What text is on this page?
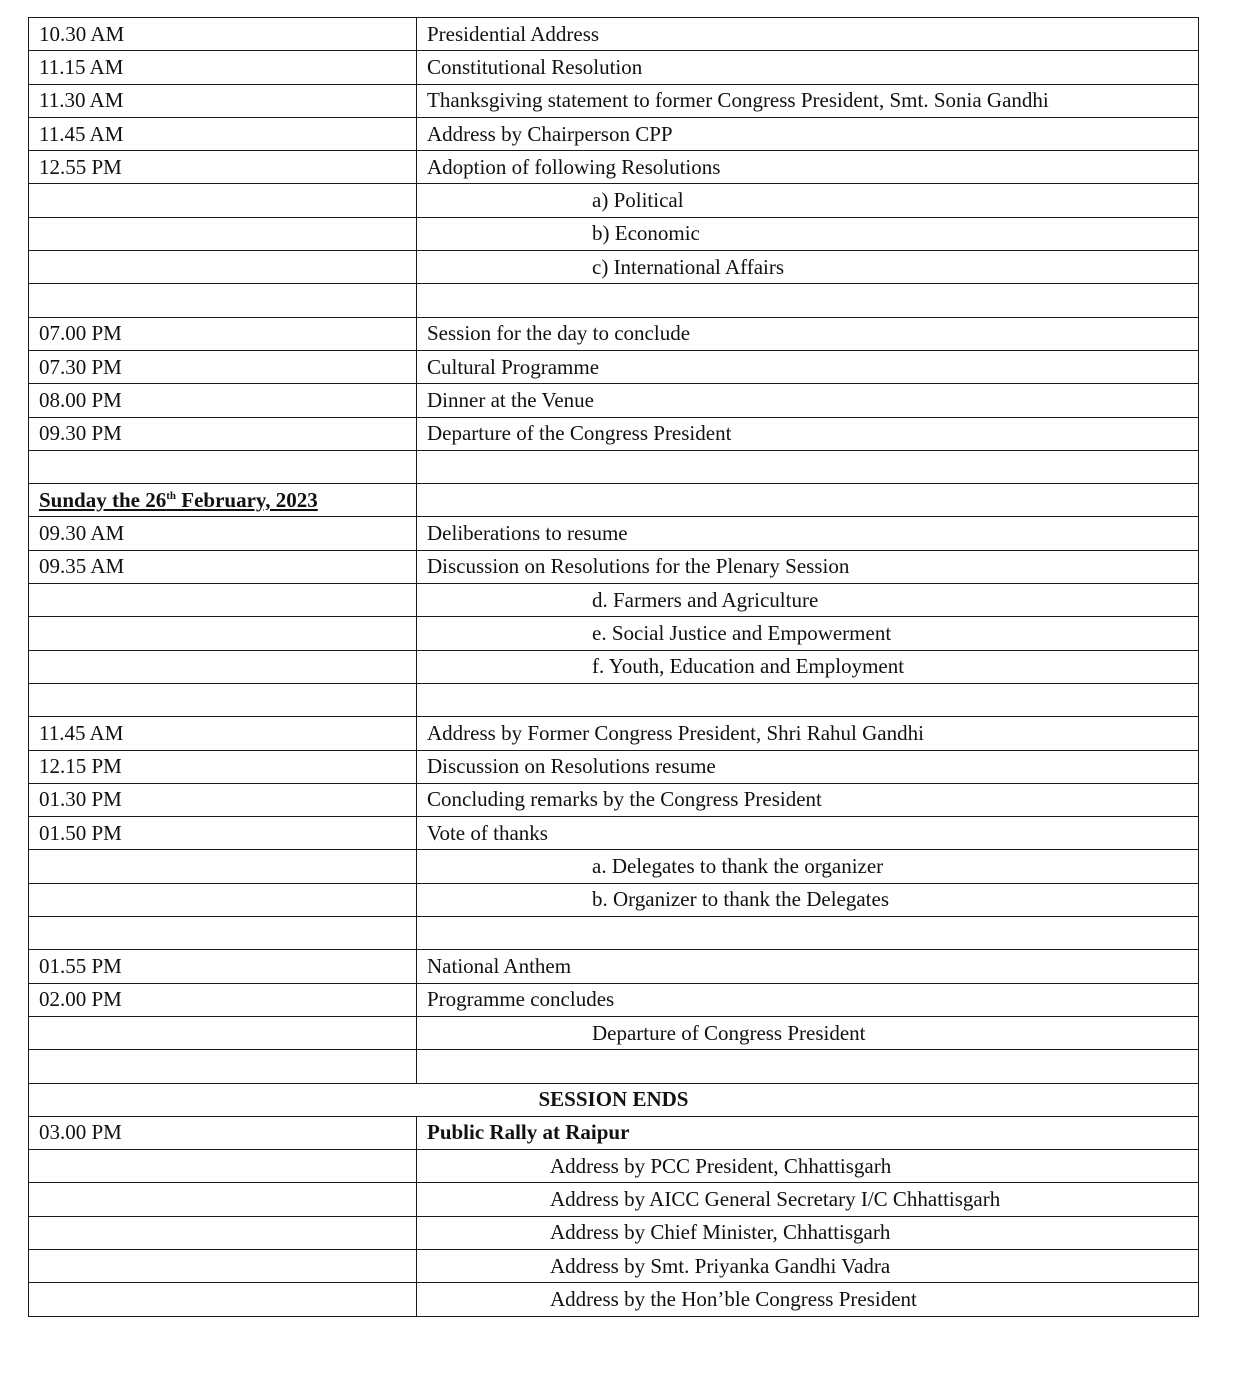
10.30 AM	Presidential Address
11.15 AM	Constitutional Resolution
11.30 AM	Thanksgiving statement to former Congress President, Smt. Sonia Gandhi
11.45 AM	Address by Chairperson CPP
12.55 PM	Adoption of following Resolutions
	a) Political
	b) Economic
	c) International Affairs

07.00 PM	Session for the day to conclude
07.30 PM	Cultural Programme
08.00 PM	Dinner at the Venue
09.30 PM	Departure of the Congress President

Sunday the 26th February, 2023	
09.30 AM	Deliberations to resume
09.35 AM	Discussion on Resolutions for the Plenary Session
	d. Farmers and Agriculture
	e. Social Justice and Empowerment
	f. Youth, Education and Employment

11.45 AM	Address by Former Congress President, Shri Rahul Gandhi
12.15 PM	Discussion on Resolutions resume
01.30 PM	Concluding remarks by the Congress President
01.50 PM	Vote of thanks
	a. Delegates to thank the organizer
	b. Organizer to thank the Delegates

01.55 PM	National Anthem
02.00 PM	Programme concludes
	Departure of Congress President

SESSION ENDS	
03.00 PM	Public Rally at Raipur
	Address by PCC President, Chhattisgarh
	Address by AICC General Secretary I/C Chhattisgarh
	Address by Chief Minister, Chhattisgarh
	Address by Smt. Priyanka Gandhi Vadra
	Address by the Hon’ble Congress President
